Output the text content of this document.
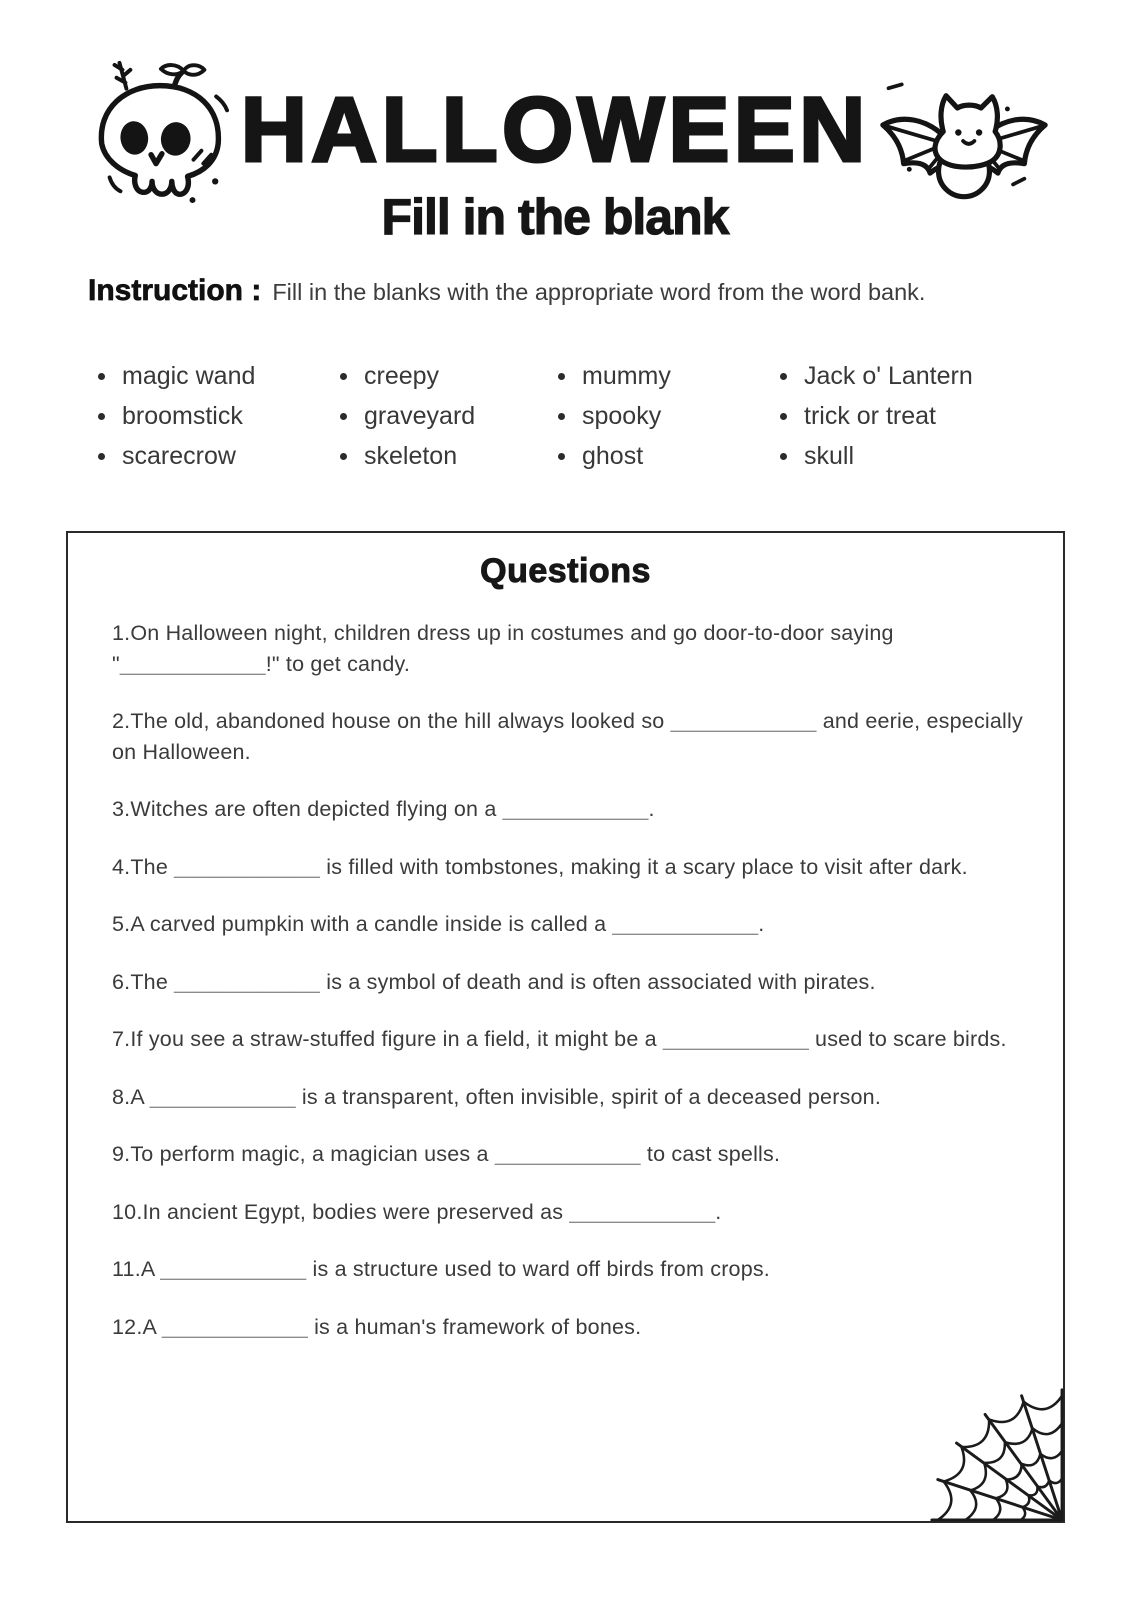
HALLOWEEN
Fill in the blank
Instruction : Fill in the blanks with the appropriate word from the word bank.
magic wand
broomstick
scarecrow
creepy
graveyard
skeleton
mummy
spooky
ghost
Jack o' Lantern
trick or treat
skull
Questions

1.On Halloween night, children dress up in costumes and go door-to-door saying "____________!" to get candy.

2.The old, abandoned house on the hill always looked so ____________ and eerie, especially on Halloween.

3.Witches are often depicted flying on a ____________.

4.The ____________ is filled with tombstones, making it a scary place to visit after dark.

5.A carved pumpkin with a candle inside is called a ____________.

6.The ____________ is a symbol of death and is often associated with pirates.

7.If you see a straw-stuffed figure in a field, it might be a ____________ used to scare birds.

8.A ____________ is a transparent, often invisible, spirit of a deceased person.

9.To perform magic, a magician uses a ____________ to cast spells.

10.In ancient Egypt, bodies were preserved as ____________.

11.A ____________ is a structure used to ward off birds from crops.

12.A ____________ is a human's framework of bones.
